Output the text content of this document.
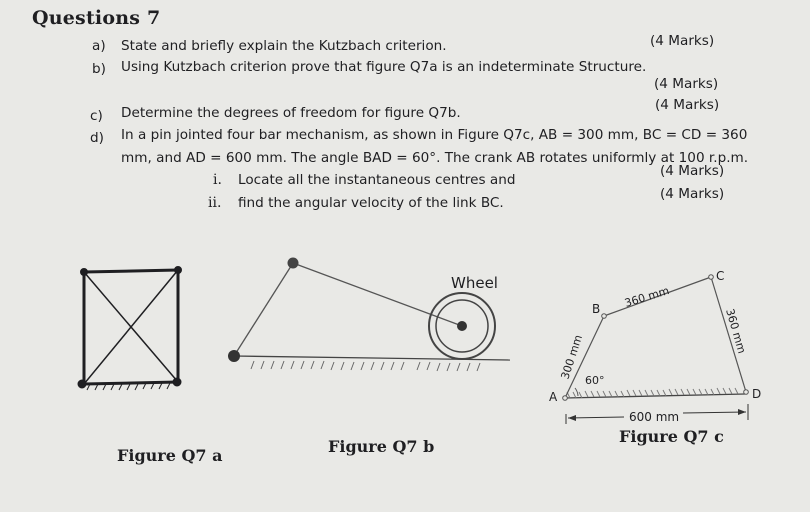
Questions 7
a) State and briefly explain the Kutzbach criterion.	(4 Marks)
b) Using Kutzbach criterion prove that figure Q7a is an indeterminate Structure.
(4 Marks)
c) Determine the degrees of freedom for figure Q7b.	(4 Marks)
d) In a pin jointed four bar mechanism, as shown in Figure Q7c, AB = 300 mm, BC = CD = 360
mm, and AD = 600 mm. The angle BAD = 60°. The crank AB rotates uniformly at 100 r.p.m.
i. Locate all the instantaneous centres and
(4 Marks)
ii. find the angular velocity of the link BC.
(4 Marks)
Wheel
A
B
C
D
360 mm
300 mm
360 mm
60°
600 mm
Figure Q7 a	Figure Q7 b
Figure Q7 c
